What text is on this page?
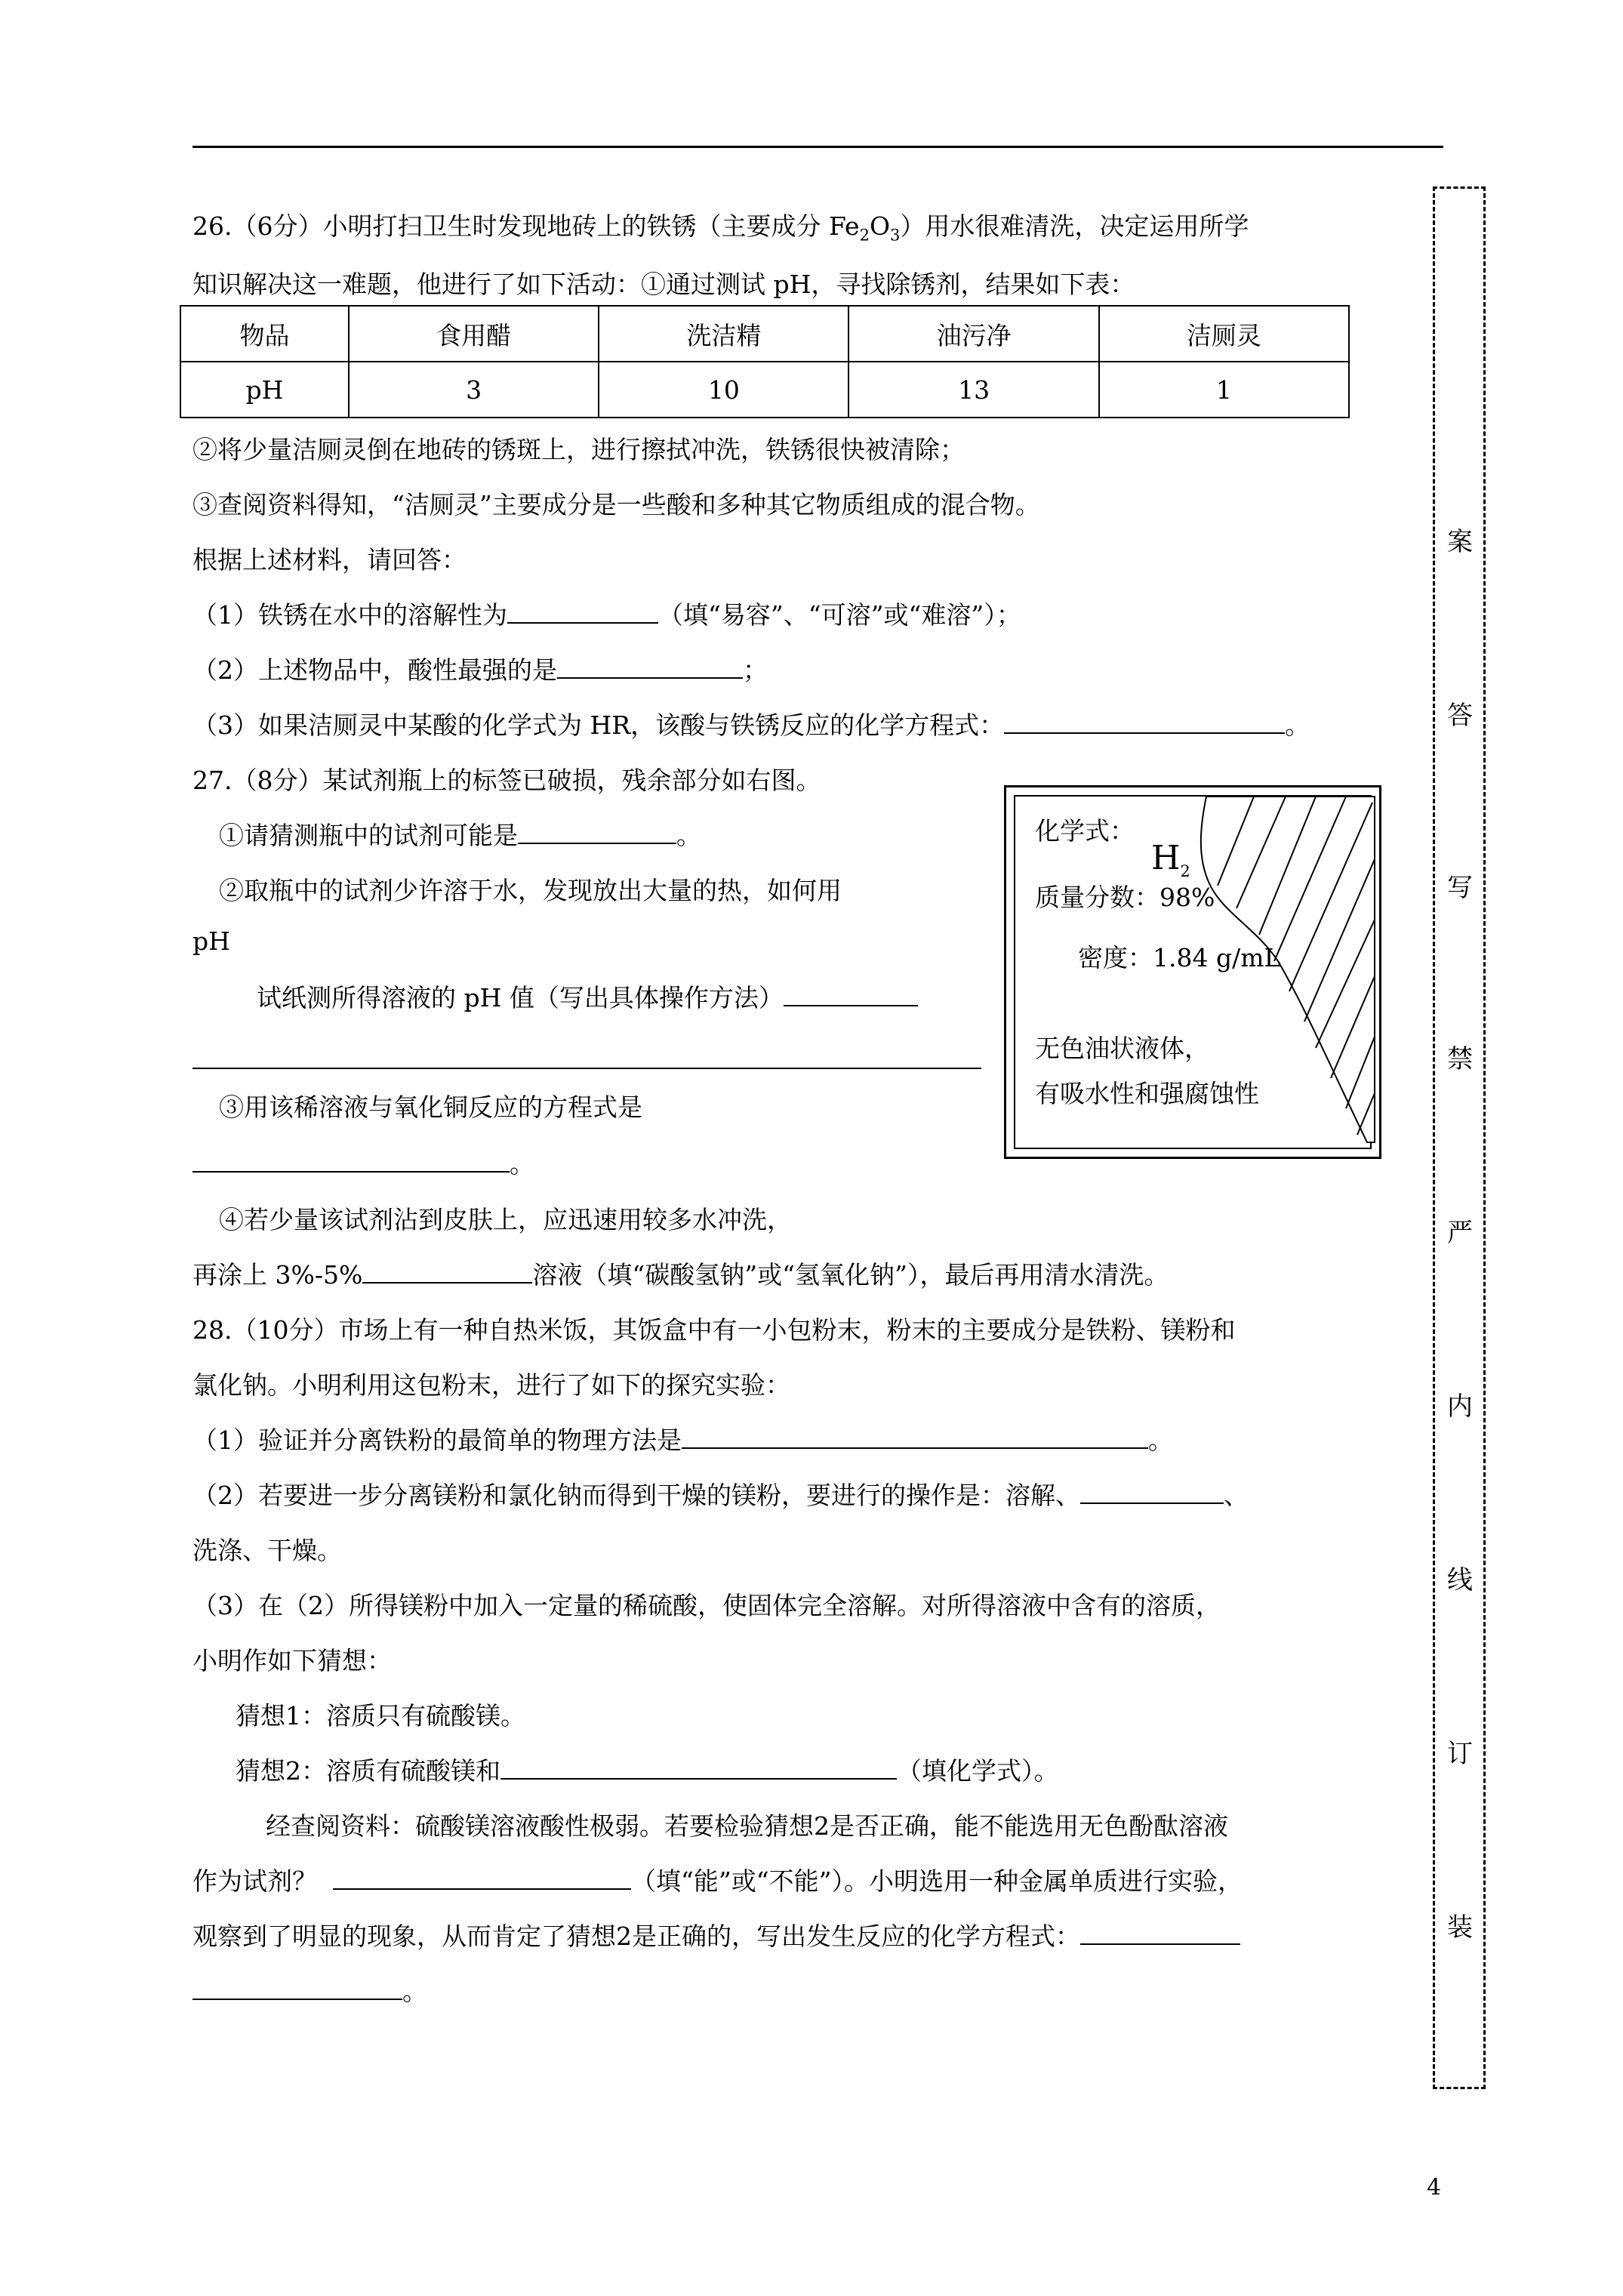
26.（6分）小明打扫卫生时发现地砖上的铁锈（主要成分 $Fe_2O_3$）用水很难清洗，决定运用所学
知识解决这一难题，他进行了如下活动：①通过测试 pH，寻找除锈剂，结果如下表：
物品	食用醋	洗洁精	油污净	洁厕灵
pH	3	10	13	1
②将少量洁厕灵倒在地砖的锈斑上，进行擦拭冲洗，铁锈很快被清除；
③查阅资料得知，“洁厕灵”主要成分是一些酸和多种其它物质组成的混合物。
根据上述材料，请回答：
（1）铁锈在水中的溶解性为	（填“易容”、“可溶”或“难溶”）；
（2）上述物品中，酸性最强的是	；
（3）如果洁厕灵中某酸的化学式为 HR，该酸与铁锈反应的化学方程式：	。
27.（8分）某试剂瓶上的标签已破损，残余部分如右图。
①请猜测瓶中的试剂可能是	。
②取瓶中的试剂少许溶于水，发现放出大量的热，如何用
pH
试纸测所得溶液的 pH 值（写出具体操作方法）
③用该稀溶液与氧化铜反应的方程式是
。
④若少量该试剂沾到皮肤上，应迅速用较多水冲洗，
再涂上 3%-5%	溶液（填“碳酸氢钠”或“氢氧化钠”），最后再用清水清洗。
化学式：
$H_2$
质量分数：98%
密度：1.84 g/mL
无色油状液体，
有吸水性和强腐蚀性
28.（10分）市场上有一种自热米饭，其饭盒中有一小包粉末，粉末的主要成分是铁粉、镁粉和
氯化钠。小明利用这包粉末，进行了如下的探究实验：
（1）验证并分离铁粉的最简单的物理方法是	。
（2）若要进一步分离镁粉和氯化钠而得到干燥的镁粉，要进行的操作是：溶解、	、
洗涤、干燥。
（3）在（2）所得镁粉中加入一定量的稀硫酸，使固体完全溶解。对所得溶液中含有的溶质，
小明作如下猜想：
猜想1：溶质只有硫酸镁。
猜想2：溶质有硫酸镁和	（填化学式）。
经查阅资料：硫酸镁溶液酸性极弱。若要检验猜想2是否正确，能不能选用无色酚酞溶液
作为试剂？	（填“能”或“不能”）。小明选用一种金属单质进行实验，
观察到了明显的现象，从而肯定了猜想2是正确的，写出发生反应的化学方程式：
。
案
答
写
禁
严
内
线
订
装
4
